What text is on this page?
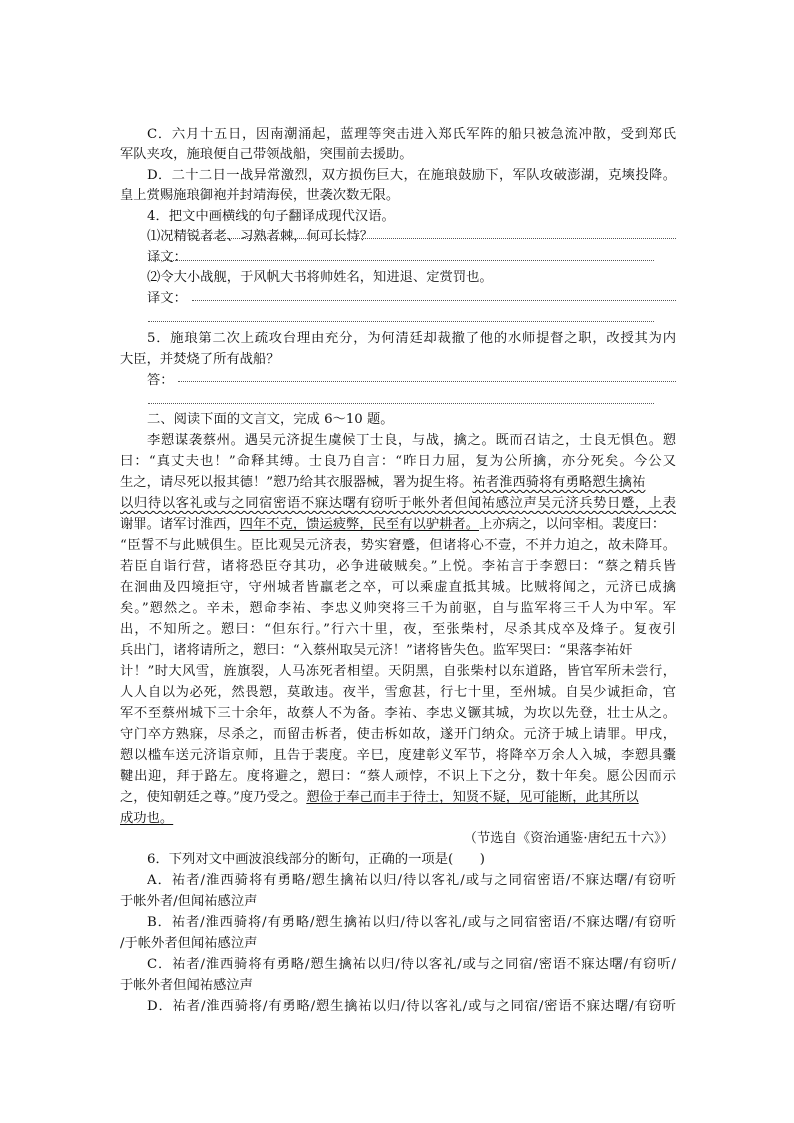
C．六月十五日，因南潮涌起，蓝理等突击进入郑氏军阵的船只被急流冲散，受到郑氏
军队夹攻，施琅便自己带领战船，突围前去援助。
D．二十二日一战异常激烈，双方损伤巨大，在施琅鼓励下，军队攻破澎湖，克塽投降。
皇上赏赐施琅御袍并封靖海侯，世袭次数无限。
4．把文中画横线的句子翻译成现代汉语。
⑴况精锐者老、习熟者棘，何可长恃？
译文：
⑵令大小战舰，于风帆大书将帅姓名，知进退、定赏罚也。
译文：
5．施琅第二次上疏攻台理由充分，为何清廷却裁撤了他的水师提督之职，改授其为内
大臣，并焚烧了所有战船？
答：
二、阅读下面的文言文，完成 6～10 题。
李愬谋袭蔡州。遇吴元济捉生虞候丁士良，与战，擒之。既而召诘之，士良无惧色。愬
曰：“真丈夫也！”命释其缚。士良乃自言：“昨日力屈，复为公所擒，亦分死矣。今公又
生之，请尽死以报其德！”愬乃给其衣服器械，署为捉生将。祐者淮西骑将有勇略愬生擒祐
以归待以客礼或与之同宿密语不寐达曙有窃听于帐外者但闻祐感泣声吴元济兵势日蹙，上表
谢罪。诸军讨淮西，四年不克，馈运疲弊，民至有以驴耕者。上亦病之，以问宰相。裴度曰：
“臣誓不与此贼俱生。臣比观吴元济表，势实窘蹙，但诸将心不壹，不并力迫之，故未降耳。
若臣自诣行营，诸将恐臣夺其功，必争进破贼矣。”上悦。李祐言于李愬曰：“蔡之精兵皆
在洄曲及四境拒守，守州城者皆羸老之卒，可以乘虚直抵其城。比贼将闻之，元济已成擒
矣。”愬然之。辛未，愬命李祐、李忠义帅突将三千为前驱，自与监军将三千人为中军。军
出，不知所之。愬曰：“但东行。”行六十里，夜，至张柴村，尽杀其戍卒及烽子。复夜引
兵出门，诸将请所之，愬曰：“入蔡州取吴元济！”诸将皆失色。监军哭曰：“果落李祐奸
计！”时大风雪，旌旗裂，人马冻死者相望。天阴黑，自张柴村以东道路，皆官军所未尝行，
人人自以为必死，然畏愬，莫敢违。夜半，雪愈甚，行七十里，至州城。自吴少诚拒命，官
军不至蔡州城下三十余年，故蔡人不为备。李祐、李忠义镢其城，为坎以先登，壮士从之。
守门卒方熟寐，尽杀之，而留击柝者，使击柝如故，遂开门纳众。元济于城上请罪。甲戌，
愬以槛车送元济诣京师，且告于裴度。辛巳，度建彰义军节，将降卒万余人入城，李愬具櫜
鞬出迎，拜于路左。度将避之，愬曰：“蔡人顽悖，不识上下之分，数十年矣。愿公因而示
之，使知朝廷之尊。”度乃受之。愬俭于奉己而丰于待士，知贤不疑，见可能断，此其所以
成功也。
（节选自《资治通鉴·唐纪五十六》）
6．下列对文中画波浪线部分的断句，正确的一项是(　　)
A．祐者/淮西骑将有勇略/愬生擒祐以归/待以客礼/或与之同宿密语/不寐达曙/有窃听
于帐外者/但闻祐感泣声
B．祐者/淮西骑将/有勇略/愬生擒祐以归/待以客礼/或与之同宿密语/不寐达曙/有窃听
/于帐外者但闻祐感泣声
C．祐者/淮西骑将有勇略/愬生擒祐以归/待以客礼/或与之同宿/密语不寐达曙/有窃听/
于帐外者但闻祐感泣声
D．祐者/淮西骑将/有勇略/愬生擒祐以归/待以客礼/或与之同宿/密语不寐达曙/有窃听
